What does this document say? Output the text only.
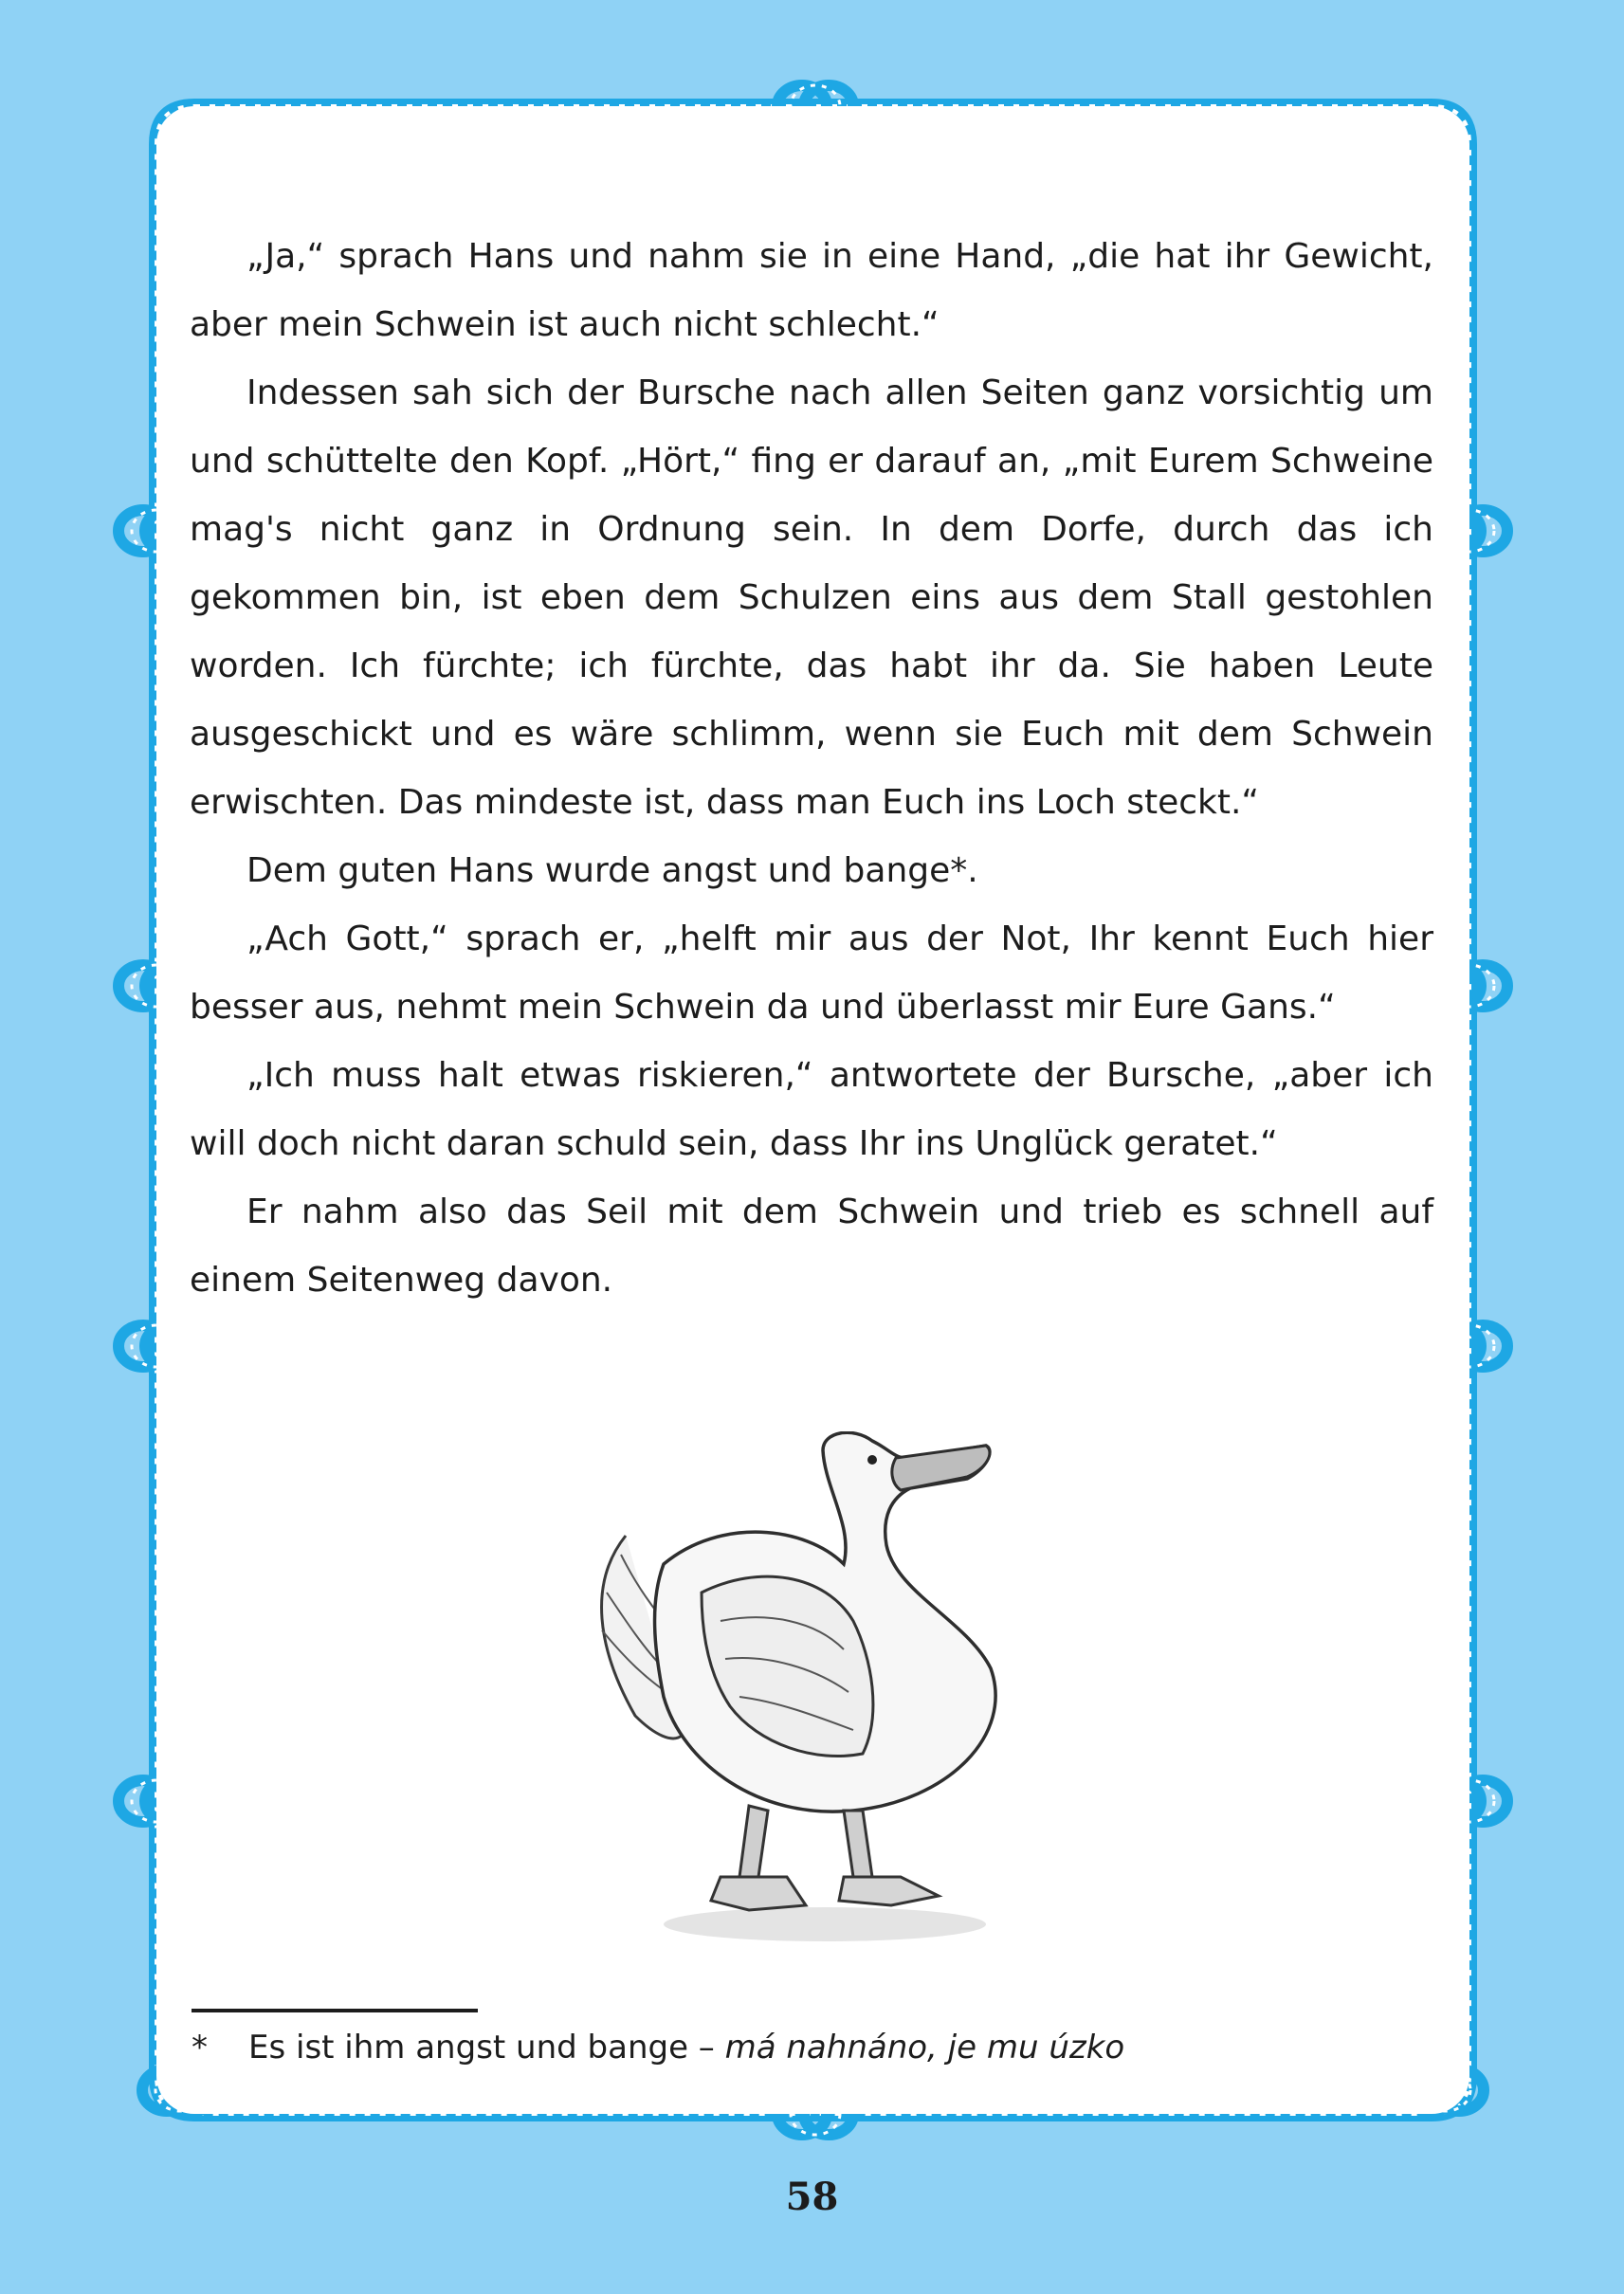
„Ja,“ sprach Hans und nahm sie in eine Hand, „die hat ihr Gewicht, aber mein Schwein ist auch nicht schlecht.“

Indessen sah sich der Bursche nach allen Seiten ganz vorsichtig um und schüttelte den Kopf. „Hört,“ fing er darauf an, „mit Eurem Schweine mag's nicht ganz in Ordnung sein. In dem Dorfe, durch das ich gekommen bin, ist eben dem Schulzen eins aus dem Stall gestohlen worden. Ich fürchte; ich fürchte, das habt ihr da. Sie haben Leute ausgeschickt und es wäre schlimm, wenn sie Euch mit dem Schwein erwischten. Das mindeste ist, dass man Euch ins Loch steckt.“

Dem guten Hans wurde angst und bange*.

„Ach Gott,“ sprach er, „helft mir aus der Not, Ihr kennt Euch hier besser aus, nehmt mein Schwein da und überlasst mir Eure Gans.“

„Ich muss halt etwas riskieren,“ antwortete der Bursche, „aber ich will doch nicht daran schuld sein, dass Ihr ins Unglück geratet.“

Er nahm also das Seil mit dem Schwein und trieb es schnell auf einem Seitenweg davon.

* Es ist ihm angst und bange – má nahnáno, je mu úzko
58
